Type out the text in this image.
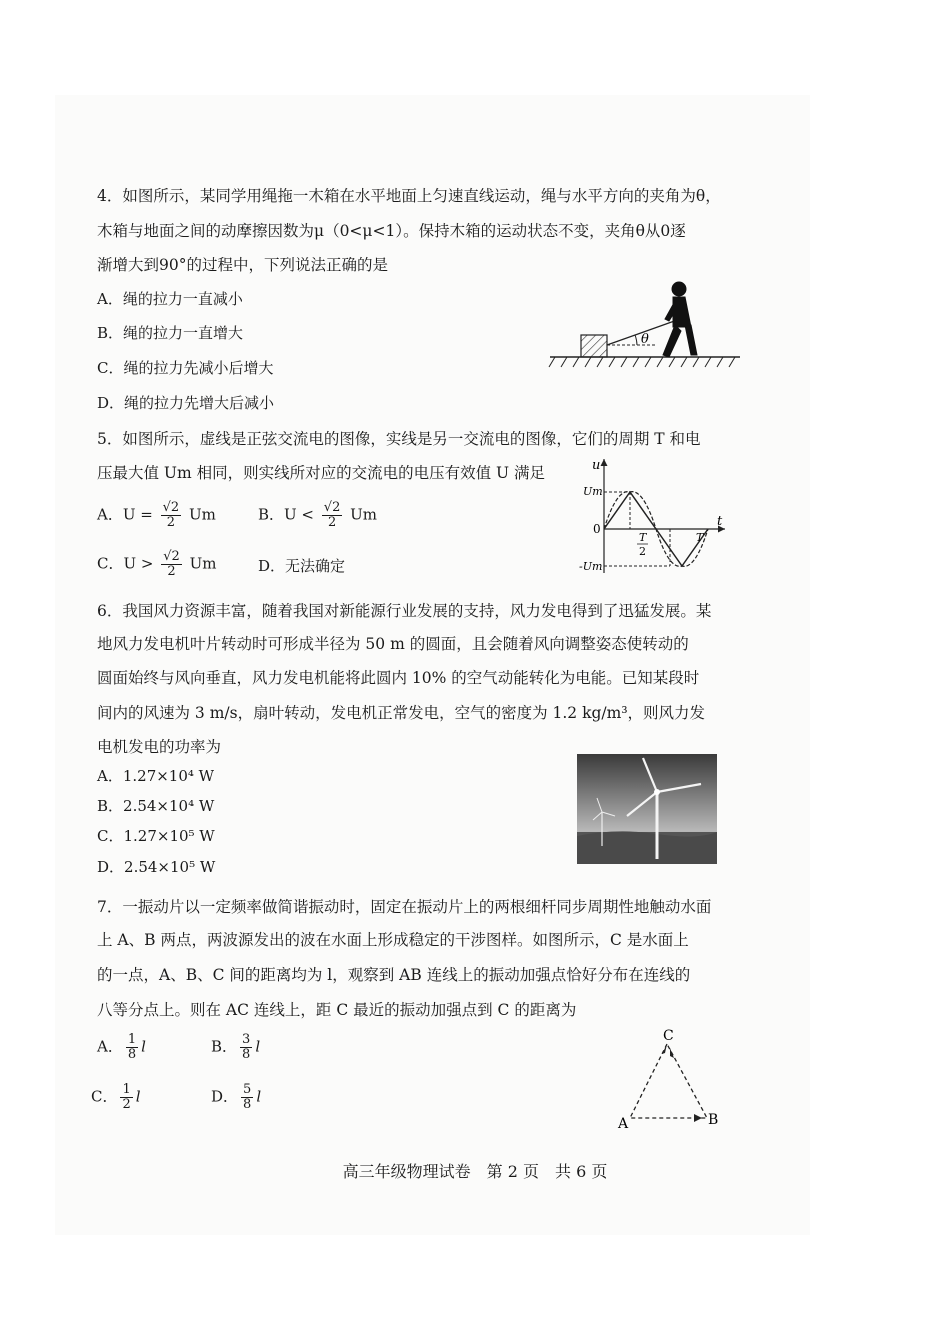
4．如图所示，某同学用绳拖一木箱在水平地面上匀速直线运动，绳与水平方向的夹角为θ，
木箱与地面之间的动摩擦因数为μ（0<μ<1）。保持木箱的运动状态不变，夹角θ从0逐
渐增大到90°的过程中，下列说法正确的是
A．绳的拉力一直减小
B．绳的拉力一直增大
C．绳的拉力先减小后增大
D．绳的拉力先增大后减小
θ
5．如图所示，虚线是正弦交流电的图像，实线是另一交流电的图像，它们的周期 T 和电
压最大值 Um 相同，则实线所对应的交流电的电压有效值 U 满足
A．$U = \frac{√2}{2}$ Um	B．$U < \frac{√2}{2}$ Um
C．$U > \frac{√2}{2}$ Um	D．无法确定
u
t
Um
-Um
0
T
2
T
6．我国风力资源丰富，随着我国对新能源行业发展的支持，风力发电得到了迅猛发展。某
地风力发电机叶片转动时可形成半径为 50 m 的圆面，且会随着风向调整姿态使转动的
圆面始终与风向垂直，风力发电机能将此圆内 10% 的空气动能转化为电能。已知某段时
间内的风速为 3 m/s，扇叶转动，发电机正常发电，空气的密度为 1.2 kg/m³，则风力发
电机发电的功率为
A．1.27×10⁴ W
B．2.54×10⁴ W
C．1.27×10⁵ W
D．2.54×10⁵ W
7．一振动片以一定频率做简谐振动时，固定在振动片上的两根细杆同步周期性地触动水面
上 A、B 两点，两波源发出的波在水面上形成稳定的干涉图样。如图所示，C 是水面上
的一点，A、B、C 间的距离均为 l，观察到 AB 连线上的振动加强点恰好分布在连线的
八等分点上。则在 AC 连线上，距 C 最近的振动加强点到 C 的距离为
A． $\frac{1}{8}$ l	B． $\frac{3}{8}$ l
C． $\frac{1}{2}$ l	D． $\frac{5}{8}$ l
C
A	B
高三年级物理试卷　第 2 页　共 6 页
